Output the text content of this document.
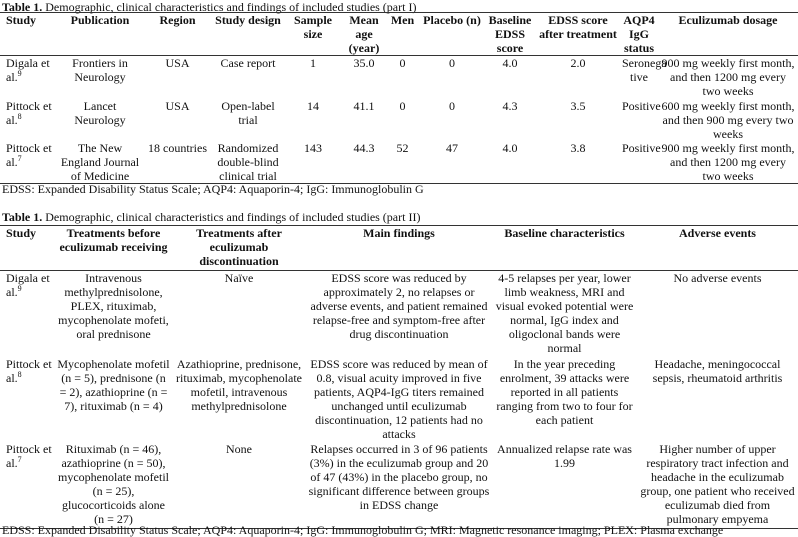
Table 1. Demographic, clinical characteristics and findings of included studies (part I)
Study	Publication	Region	Study design	Sample size	Mean age (year)	Men	Placebo (n)	Baseline EDSS score	EDSS score after treatment	AQP4 IgG status	Eculizumab dosage
Digala et al.$^9$	Frontiers in Neurology	USA	Case report	1	35.0	0	0	4.0	2.0	Seronega tive	900 mg weekly first month, and then 1200 mg every two weeks
Pittock et al.$^8$	Lancet Neurology	USA	Open-label trial	14	41.1	0	0	4.3	3.5	Positive	600 mg weekly first month, and then 900 mg every two weeks
Pittock et al.$^7$	The New England Journal of Medicine	18 countries	Randomized double-blind clinical trial	143	44.3	52	47	4.0	3.8	Positive	900 mg weekly first month, and then 1200 mg every two weeks
EDSS: Expanded Disability Status Scale; AQP4: Aquaporin-4; IgG: Immunoglobulin G
Table 1. Demographic, clinical characteristics and findings of included studies (part II)
Study	Treatments before eculizumab receiving	Treatments after eculizumab discontinuation	Main findings	Baseline characteristics	Adverse events
Digala et al.$^9$	Intravenous methylprednisolone, PLEX, rituximab, mycophenolate mofeti, oral prednisone	Naïve	EDSS score was reduced by approximately 2, no relapses or adverse events, and patient remained relapse-free and symptom-free after drug discontinuation	4-5 relapses per year, lower limb weakness, MRI and visual evoked potential were normal, IgG index and oligoclonal bands were normal	No adverse events
Pittock et al.$^8$	Mycophenolate mofetil (n = 5), prednisone (n = 2), azathioprine (n = 7), rituximab (n = 4)	Azathioprine, prednisone, rituximab, mycophenolate mofetil, intravenous methylprednisolone	EDSS score was reduced by mean of 0.8, visual acuity improved in five patients, AQP4-IgG titers remained unchanged until eculizumab discontinuation, 12 patients had no attacks	In the year preceding enrolment, 39 attacks were reported in all patients ranging from two to four for each patient	Headache, meningococcal sepsis, rheumatoid arthritis
Pittock et al.$^7$	Rituximab (n = 46), azathioprine (n = 50), mycophenolate mofetil (n = 25), glucocorticoids alone (n = 27)	None	Relapses occurred in 3 of 96 patients (3%) in the eculizumab group and 20 of 47 (43%) in the placebo group, no significant difference between groups in EDSS change	Annualized relapse rate was 1.99	Higher number of upper respiratory tract infection and headache in the eculizumab group, one patient who received eculizumab died from pulmonary empyema
EDSS: Expanded Disability Status Scale; AQP4: Aquaporin-4; IgG: Immunoglobulin G; MRI: Magnetic resonance imaging; PLEX: Plasma exchange
